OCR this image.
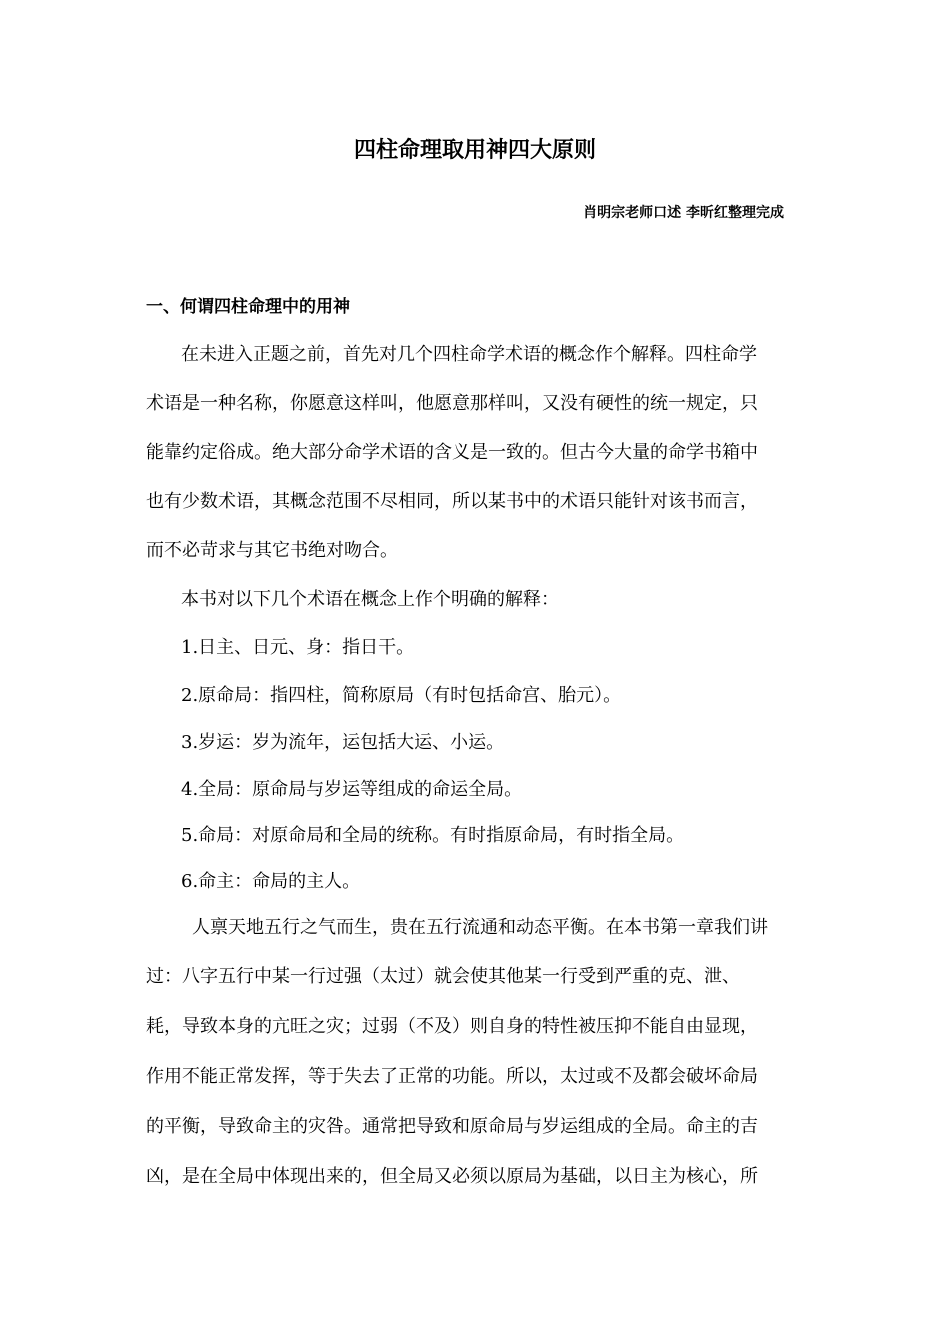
四柱命理取用神四大原则
肖明宗老师口述 李昕红整理完成
一、何谓四柱命理中的用神
在未进入正题之前，首先对几个四柱命学术语的概念作个解释。四柱命学
术语是一种名称，你愿意这样叫，他愿意那样叫，又没有硬性的统一规定，只
能靠约定俗成。绝大部分命学术语的含义是一致的。但古今大量的命学书箱中
也有少数术语，其概念范围不尽相同，所以某书中的术语只能针对该书而言，
而不必苛求与其它书绝对吻合。
本书对以下几个术语在概念上作个明确的解释：
1.日主、日元、身：指日干。
2.原命局：指四柱，简称原局（有时包括命宫、胎元）。
3.岁运：岁为流年，运包括大运、小运。
4.全局：原命局与岁运等组成的命运全局。
5.命局：对原命局和全局的统称。有时指原命局，有时指全局。
6.命主：命局的主人。
人禀天地五行之气而生，贵在五行流通和动态平衡。在本书第一章我们讲
过：八字五行中某一行过强（太过）就会使其他某一行受到严重的克、泄、
耗，导致本身的亢旺之灾；过弱（不及）则自身的特性被压抑不能自由显现，
作用不能正常发挥，等于失去了正常的功能。所以，太过或不及都会破坏命局
的平衡，导致命主的灾咎。通常把导致和原命局与岁运组成的全局。命主的吉
凶，是在全局中体现出来的，但全局又必须以原局为基础，以日主为核心，所
